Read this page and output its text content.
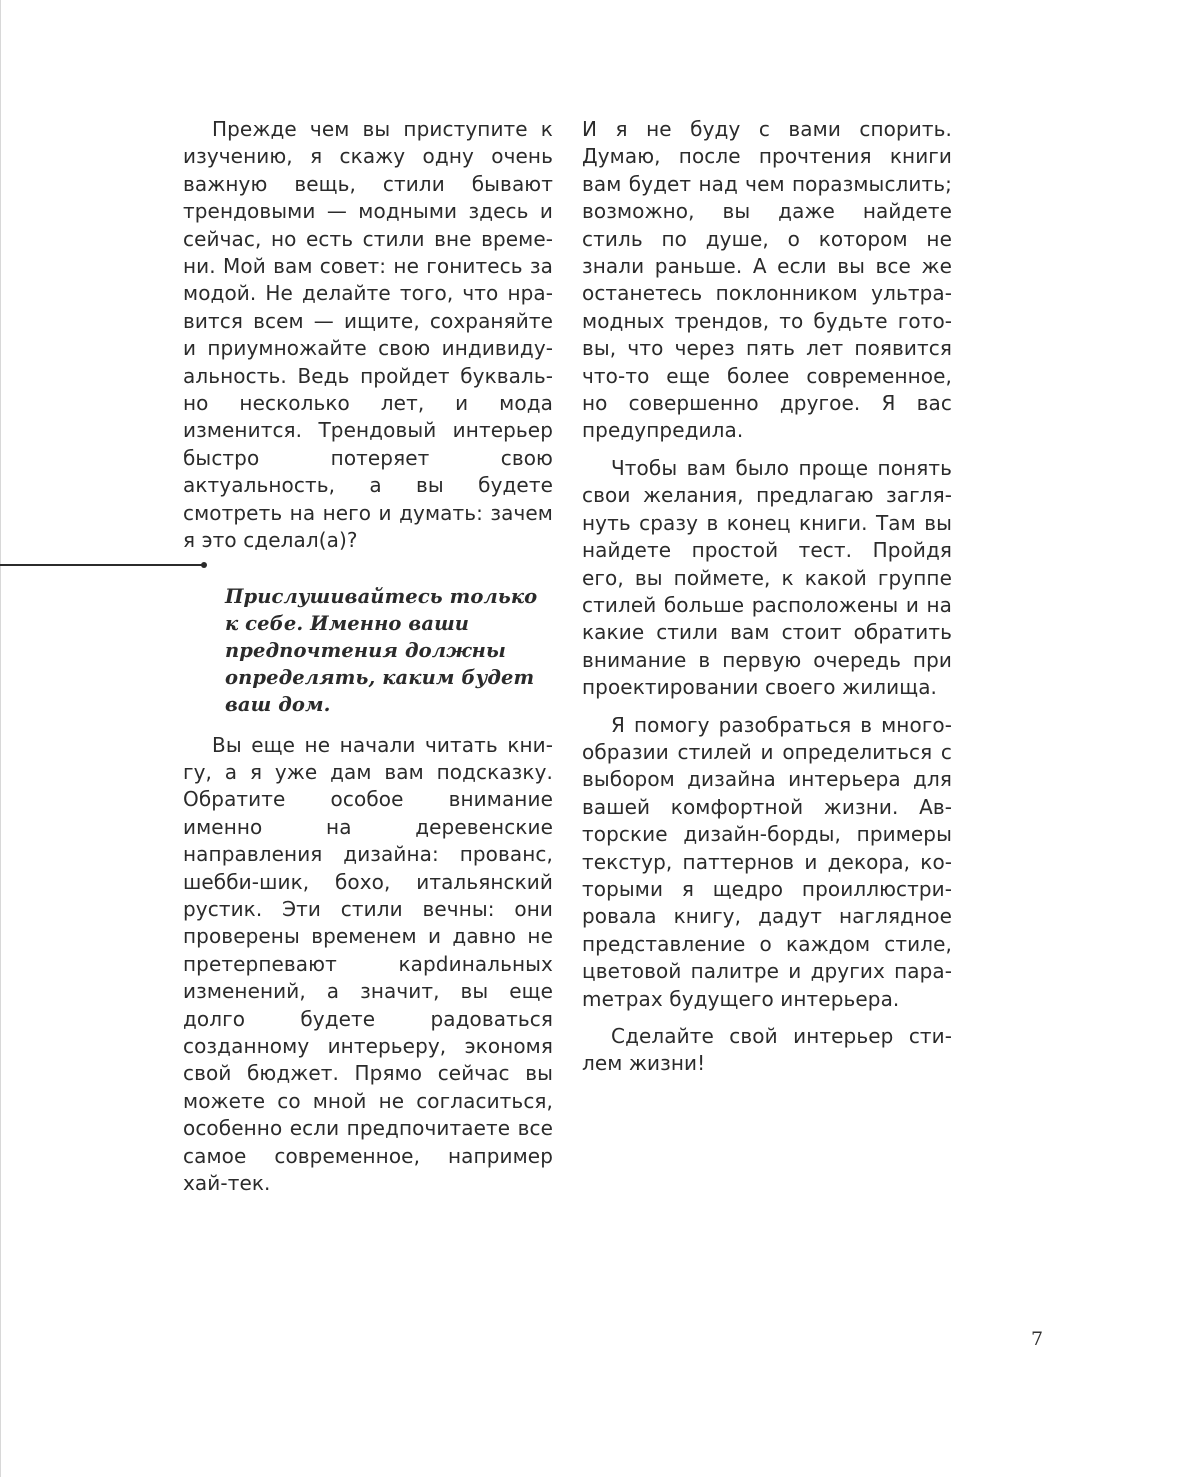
Прежде чем вы приступите к изучению, я скажу одну очень важную вещь, стили бывают трендовыми — модными здесь и сейчас, но есть стили вне времени. Мой вам совет: не гонитесь за модой. Не делайте того, что нравится всем — ищите, сохраняйте и приумножайте свою индивидуальность. Ведь пройдет буквально несколько лет, и мода изменится. Трендовый интерьер быстро потеряет свою актуальность, а вы будете смотреть на него и думать: зачем я это сделал(а)?

Прислушивайтесь только к себе. Именно ваши предпочтения должны определять, каким будет ваш дом.

Вы еще не начали читать книгу, а я уже дам вам подсказку. Обратите особое внимание именно на деревенские направления дизайна: прованс, шебби-шик, бохо, итальянский рустик. Эти стили вечны: они проверены временем и давно не претерпевают карdинальных изменений, а значит, вы еще долго будете радоваться созданному интерьеру, экономя свой бюджет. Прямо сейчас вы можете со мной не согласиться, особенно если предпочитаете все самое современное, например хай-тек.

И я не буду с вами спорить. Думаю, после прочтения книги вам будет над чем поразмыслить; возможно, вы даже найдете стиль по душе, о котором не знали раньше. А если вы все же останетесь поклонником ультрамодных трендов, то будьте готовы, что через пять лет появится что-то еще более современное, но совершенно другое. Я вас предупредила.

Чтобы вам было проще понять свои желания, предлагаю заглянуть сразу в конец книги. Там вы найдете простой тест. Пройдя его, вы поймете, к какой группе стилей больше расположены и на какие стили вам стоит обратить внимание в первую очередь при проектировании своего жилища.

Я помогу разобраться в многообразии стилей и определиться с выбором дизайна интерьера для вашей комфортной жизни. Авторские дизайн-борды, примеры текстур, паттернов и декора, которыми я щедро проиллюстрировала книгу, дадут наглядное представление о каждом стиле, цветовой палитре и других параmетрах будущего интерьера.

Сделайте свой интерьер стилем жизни!

7
